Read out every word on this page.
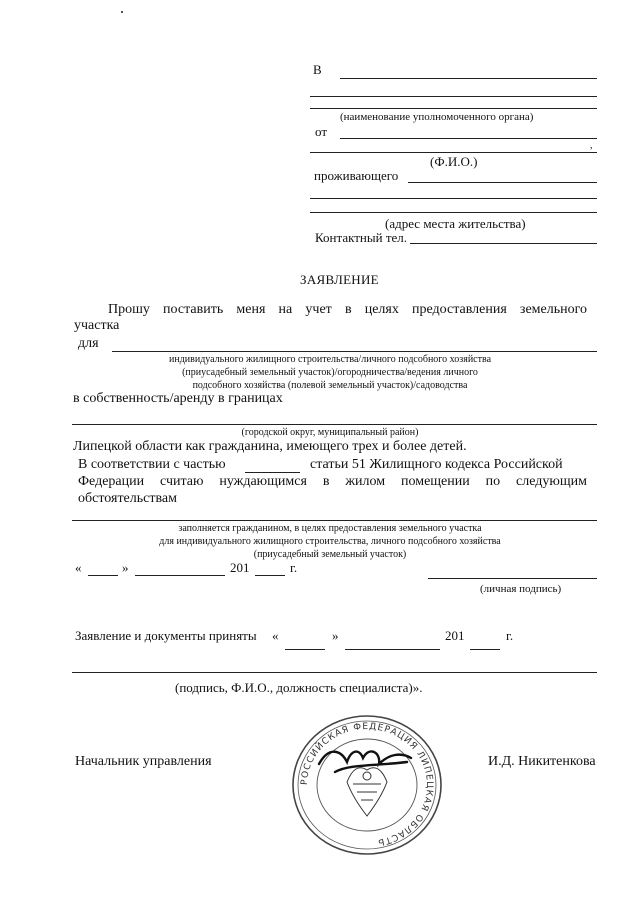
В
(наименование уполномоченного органа)
от
,
(Ф.И.О.)
проживающего
(адрес места жительства)
Контактный тел.
ЗАЯВЛЕНИЕ
Прошу поставить меня на учет в целях предоставления земельного
участка
для
индивидуального жилищного строительства/личного подсобного хозяйства
(приусадебный земельный участок)/огородничества/ведения личного
подсобного хозяйства (полевой земельный участок)/садоводства
в собственность/аренду в границах
(городской округ, муниципальный район)
Липецкой области как гражданина, имеющего трех и более детей.
В соответствии с частью	статьи 51 Жилищного кодекса Российской
Федерации считаю нуждающимся в жилом помещении по следующим
обстоятельствам
заполняется гражданином, в целях предоставления земельного участка
для индивидуального жилищного строительства, личного подсобного хозяйства
(приусадебный земельный участок)
«	»	201	г.
(личная подпись)
Заявление и документы приняты «	»	201	г.
(подпись, Ф.И.О., должность специалиста)».
Начальник управления	И.Д. Никитенкова
РОССИЙСКАЯ ФЕДЕРАЦИЯ ЛИПЕЦКАЯ ОБЛАСТЬ
